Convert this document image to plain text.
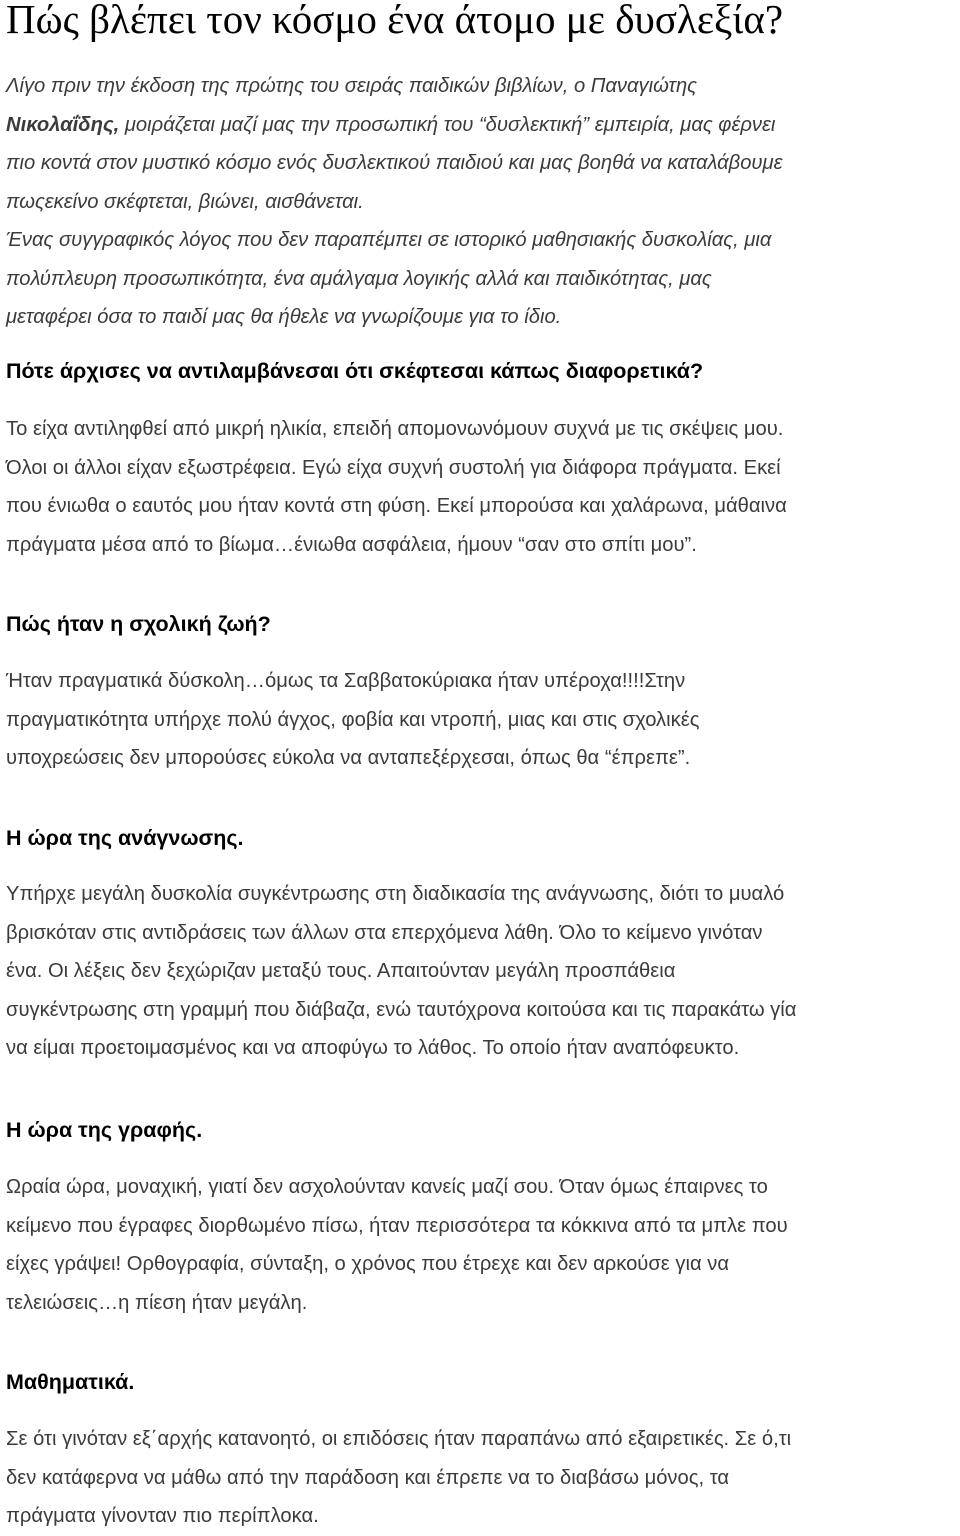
Πώς βλέπει τον κόσμο ένα άτομο με δυσλεξία?
Λίγο πριν την έκδοση της πρώτης του σειράς παιδικών βιβλίων, ο Παναγιώτης
Νικολαΐδης, μοιράζεται μαζί μας την προσωπική του “δυσλεκτική” εμπειρία, μας φέρνει
πιο κοντά στον μυστικό κόσμο ενός δυσλεκτικού παιδιού και μας βοηθά να καταλάβουμε
πωςεκείνο σκέφτεται, βιώνει, αισθάνεται.
Ένας συγγραφικός λόγος που δεν παραπέμπει σε ιστορικό μαθησιακής δυσκολίας, μια
πολύπλευρη προσωπικότητα, ένα αμάλγαμα λογικής αλλά και παιδικότητας, μας
μεταφέρει όσα το παιδί μας θα ήθελε να γνωρίζουμε για το ίδιο.
Πότε άρχισες να αντιλαμβάνεσαι ότι σκέφτεσαι κάπως διαφορετικά?
Το είχα αντιληφθεί από μικρή ηλικία, επειδή απομονωνόμουν συχνά με τις σκέψεις μου.
Όλοι οι άλλοι είχαν εξωστρέφεια. Εγώ είχα συχνή συστολή για διάφορα πράγματα. Εκεί
που ένιωθα ο εαυτός μου ήταν κοντά στη φύση. Εκεί μπορούσα και χαλάρωνα, μάθαινα
πράγματα μέσα από το βίωμα…ένιωθα ασφάλεια, ήμουν “σαν στο σπίτι μου”.
Πώς ήταν η σχολική ζωή?
Ήταν πραγματικά δύσκολη…όμως τα Σαββατοκύριακα ήταν υπέροχα!!!!Στην
πραγματικότητα υπήρχε πολύ άγχος, φοβία και ντροπή, μιας και στις σχολικές
υποχρεώσεις δεν μπορούσες εύκολα να ανταπεξέρχεσαι, όπως θα “έπρεπε”.
Η ώρα της ανάγνωσης.
Υπήρχε μεγάλη δυσκολία συγκέντρωσης στη διαδικασία της ανάγνωσης, διότι το μυαλό
βρισκόταν στις αντιδράσεις των άλλων στα επερχόμενα λάθη. Όλο το κείμενο γινόταν
ένα. Οι λέξεις δεν ξεχώριζαν μεταξύ τους. Απαιτούνταν μεγάλη προσπάθεια
συγκέντρωσης στη γραμμή που διάβαζα, ενώ ταυτόχρονα κοιτούσα και τις παρακάτω γία
να είμαι προετοιμασμένος και να αποφύγω το λάθος. Το οποίο ήταν αναπόφευκτο.
Η ώρα της γραφής.
Ωραία ώρα, μοναχική, γιατί δεν ασχολούνταν κανείς μαζί σου. Όταν όμως έπαιρνες το
κείμενο που έγραφες διορθωμένο πίσω, ήταν περισσότερα τα κόκκινα από τα μπλε που
είχες γράψει! Ορθογραφία, σύνταξη, ο χρόνος που έτρεχε και δεν αρκούσε για να
τελειώσεις…η πίεση ήταν μεγάλη.
Μαθηματικά.
Σε ότι γινόταν εξ΄αρχής κατανοητό, οι επιδόσεις ήταν παραπάνω από εξαιρετικές. Σε ό,τι
δεν κατάφερνα να μάθω από την παράδοση και έπρεπε να το διαβάσω μόνος, τα
πράγματα γίνονταν πιο περίπλοκα.
